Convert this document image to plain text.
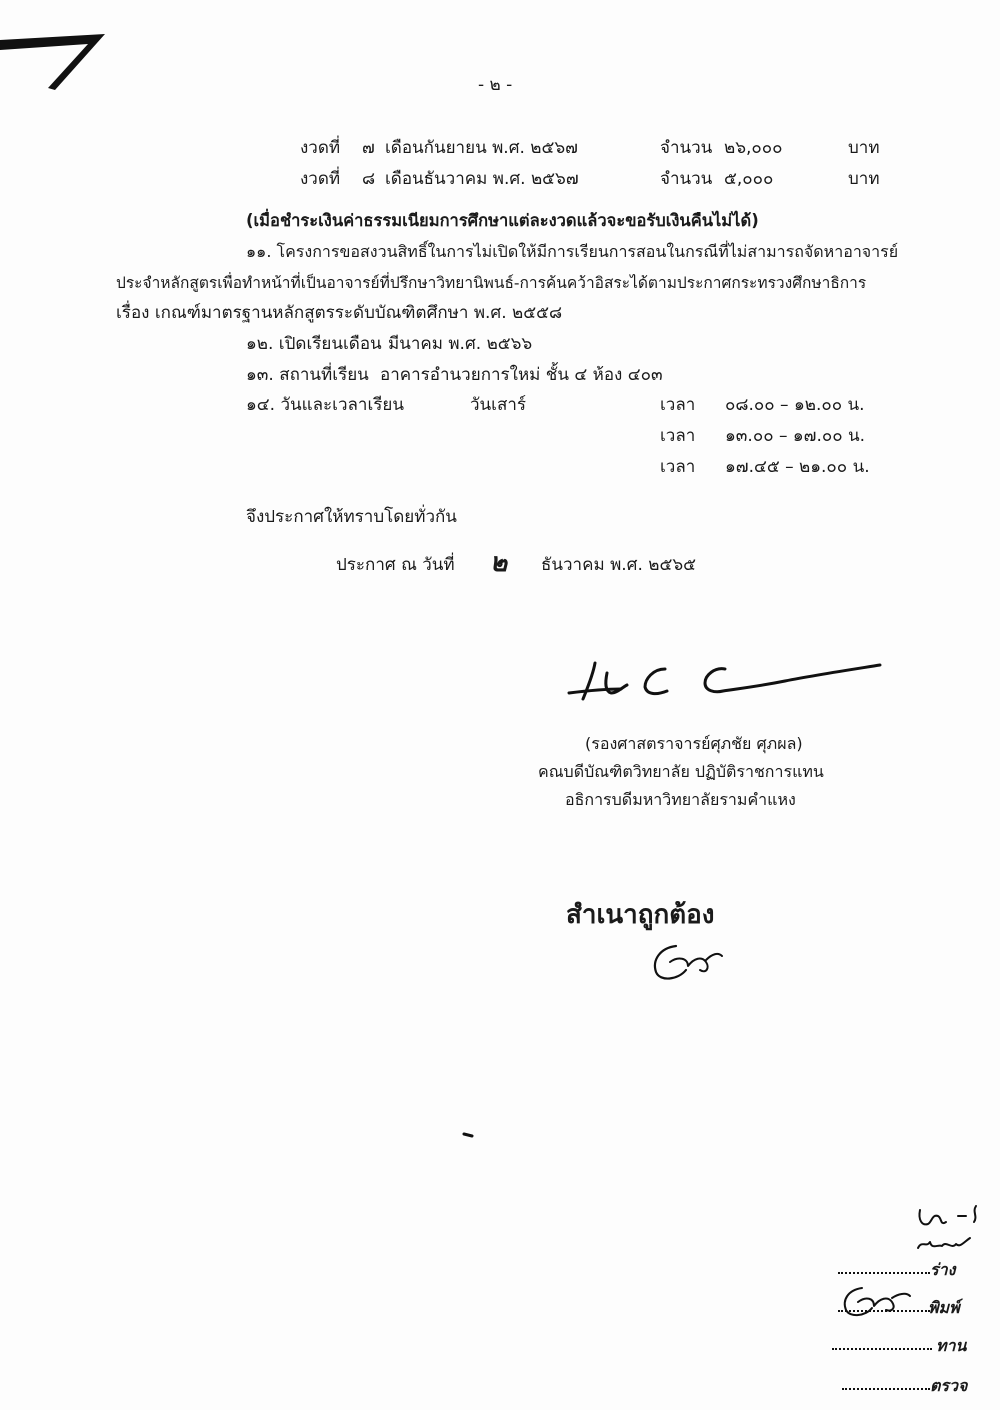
- ๒ -
งวดที่ ๗ เดือนกันยายน พ.ศ. ๒๕๖๗	จำนวน ๒๖,๐๐๐	บาท
งวดที่ ๘ เดือนธันวาคม พ.ศ. ๒๕๖๗	จำนวน ๕,๐๐๐	บาท
(เมื่อชำระเงินค่าธรรมเนียมการศึกษาแต่ละงวดแล้วจะขอรับเงินคืนไม่ได้)
๑๑. โครงการขอสงวนสิทธิ์ในการไม่เปิดให้มีการเรียนการสอนในกรณีที่ไม่สามารถจัดหาอาจารย์
ประจำหลักสูตรเพื่อทำหน้าที่เป็นอาจารย์ที่ปรึกษาวิทยานิพนธ์-การค้นคว้าอิสระได้ตามประกาศกระทรวงศึกษาธิการ
เรื่อง เกณฑ์มาตรฐานหลักสูตรระดับบัณฑิตศึกษา พ.ศ. ๒๕๕๘
๑๒. เปิดเรียนเดือน มีนาคม พ.ศ. ๒๕๖๖
๑๓. สถานที่เรียน อาคารอำนวยการใหม่ ชั้น ๔ ห้อง ๔๐๓
๑๔. วันและเวลาเรียน	วันเสาร์	เวลา ๐๘.๐๐ – ๑๒.๐๐ น.
เวลา ๑๓.๐๐ – ๑๗.๐๐ น.
เวลา ๑๗.๔๕ – ๒๑.๐๐ น.
จึงประกาศให้ทราบโดยทั่วกัน
ประกาศ ณ วันที่ ๒ ธันวาคม พ.ศ. ๒๕๖๕
(รองศาสตราจารย์ศุภชัย ศุภผล)
คณบดีบัณฑิตวิทยาลัย ปฏิบัติราชการแทน
อธิการบดีมหาวิทยาลัยรามคำแหง
สำเนาถูกต้อง
ร่าง
พิมพ์
ทาน
ตรวจ
